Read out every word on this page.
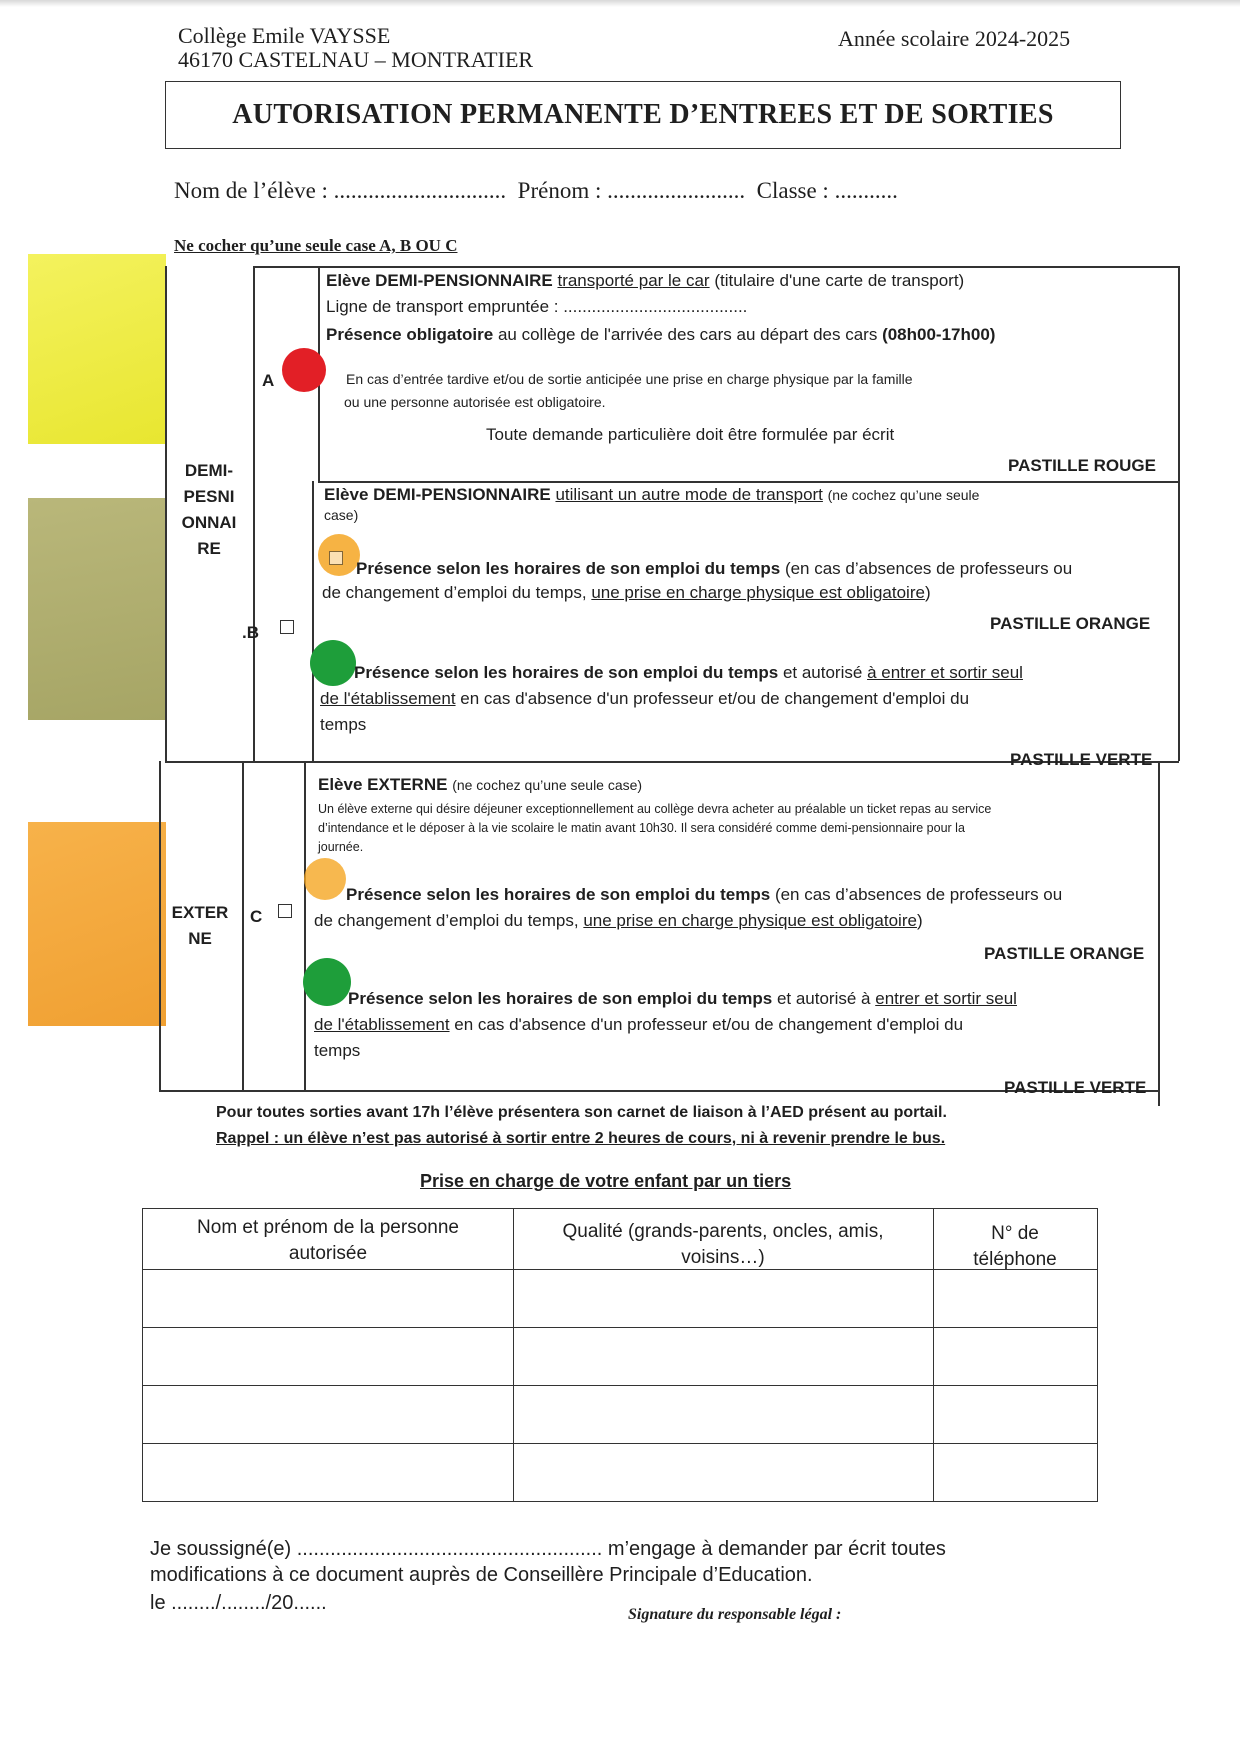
Collège Emile VAYSSE
46170 CASTELNAU – MONTRATIER
Année scolaire 2024-2025
AUTORISATION PERMANENTE D’ENTREES ET DE SORTIES
Nom de l’élève : .............................. Prénom : ........................ Classe : ...........
Ne cocher qu’une seule case A, B OU C
DEMI-
PESNI
ONNAI
RE
EXTER
NE
A
Elève DEMI-PENSIONNAIRE transporté par le car (titulaire d'une carte de transport)
Ligne de transport empruntée : .......................................
Présence obligatoire au collège de l'arrivée des cars au départ des cars (08h00-17h00)
En cas d’entrée tardive et/ou de sortie anticipée une prise en charge physique par la famille
ou une personne autorisée est obligatoire.
Toute demande particulière doit être formulée par écrit
PASTILLE ROUGE
.B
Elève DEMI-PENSIONNAIRE utilisant un autre mode de transport (ne cochez qu’une seule
case)
Présence selon les horaires de son emploi du temps (en cas d’absences de professeurs ou
de changement d’emploi du temps, une prise en charge physique est obligatoire)
PASTILLE ORANGE
Présence selon les horaires de son emploi du temps et autorisé à entrer et sortir seul
de l'établissement en cas d'absence d'un professeur et/ou de changement d'emploi du
temps
PASTILLE VERTE
C
Elève EXTERNE (ne cochez qu’une seule case)
Un élève externe qui désire déjeuner exceptionnellement au collège devra acheter au préalable un ticket repas au service
d’intendance et le déposer à la vie scolaire le matin avant 10h30. Il sera considéré comme demi-pensionnaire pour la
journée.
Présence selon les horaires de son emploi du temps (en cas d’absences de professeurs ou
de changement d’emploi du temps, une prise en charge physique est obligatoire)
PASTILLE ORANGE
Présence selon les horaires de son emploi du temps et autorisé à entrer et sortir seul
de l'établissement en cas d'absence d'un professeur et/ou de changement d'emploi du
temps
PASTILLE VERTE
Pour toutes sorties avant 17h l’élève présentera son carnet de liaison à l’AED présent au portail.
Rappel : un élève n’est pas autorisé à sortir entre 2 heures de cours, ni à revenir prendre le bus.
Prise en charge de votre enfant par un tiers
Nom et prénom de la personne
autorisée
Qualité (grands-parents, oncles, amis,
voisins…)
N° de
téléphone
Je soussigné(e) ....................................................... m’engage à demander par écrit toutes
modifications à ce document auprès de Conseillère Principale d’Education.
le ......../......../20......
Signature du responsable légal :
